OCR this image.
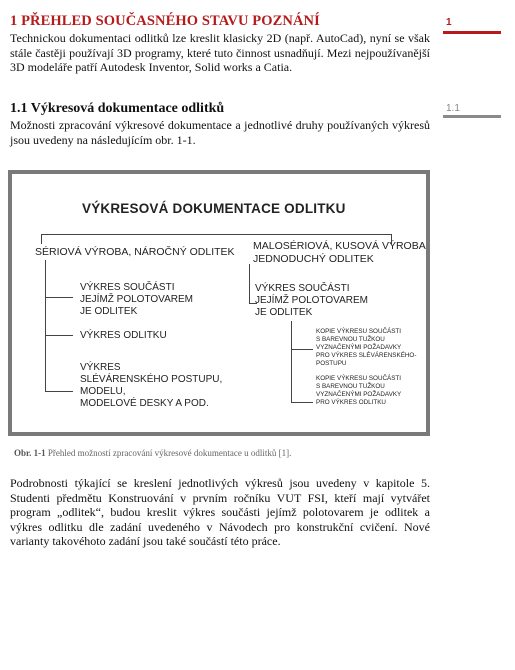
1 PŘEHLED SOUČASNÉHO STAVU POZNÁNÍ
Technickou dokumentaci odlitků lze kreslit klasicky 2D (např. AutoCad), nyní se však stále častěji používají 3D programy, které tuto činnost usnadňují. Mezi nejpoužívanější 3D modeláře patří Autodesk Inventor, Solid works a Catia.
1.1 Výkresová dokumentace odlitků
Možnosti zpracování výkresové dokumentace a jednotlivé druhy používaných výkresů jsou uvedeny na následujícím obr. 1-1.
1
1.1
VÝKRESOVÁ DOKUMENTACE ODLITKU
SÉRIOVÁ VÝROBA, NÁROČNÝ ODLITEK
VÝKRES SOUČÁSTI
JEJÍMŽ POLOTOVAREM
JE ODLITEK
VÝKRES ODLITKU
VÝKRES
SLÉVÁRENSKÉHO POSTUPU,
MODELU,
MODELOVÉ DESKY A POD.
MALOSÉRIOVÁ, KUSOVÁ VÝROBA
JEDNODUCHÝ ODLITEK
VÝKRES SOUČÁSTI
JEJÍMŽ POLOTOVAREM
JE ODLITEK
KOPIE VÝKRESU SOUČÁSTI
S BAREVNOU TUŽKOU
VYZNAČENÝMI POŽADAVKY
PRO VÝKRES SLÉVÁRENSKÉHO-
POSTUPU
KOPIE VÝKRESU SOUČÁSTI
S BAREVNOU TUŽKOU
VYZNAČENÝMI POŽADAVKY
PRO VÝKRES ODLITKU
Obr. 1-1 Přehled možností zpracování výkresové dokumentace u odlitků [1].
Podrobnosti týkající se kreslení jednotlivých výkresů jsou uvedeny v kapitole 5. Studenti předmětu Konstruování v prvním ročníku VUT FSI, kteří mají vytvářet program „odlitek“, budou kreslit výkres součásti jejímž polotovarem je odlitek a výkres odlitku dle zadání uvedeného v Návodech pro konstrukční cvičení. Nové varianty takovéhoto zadání jsou také součástí této práce.
